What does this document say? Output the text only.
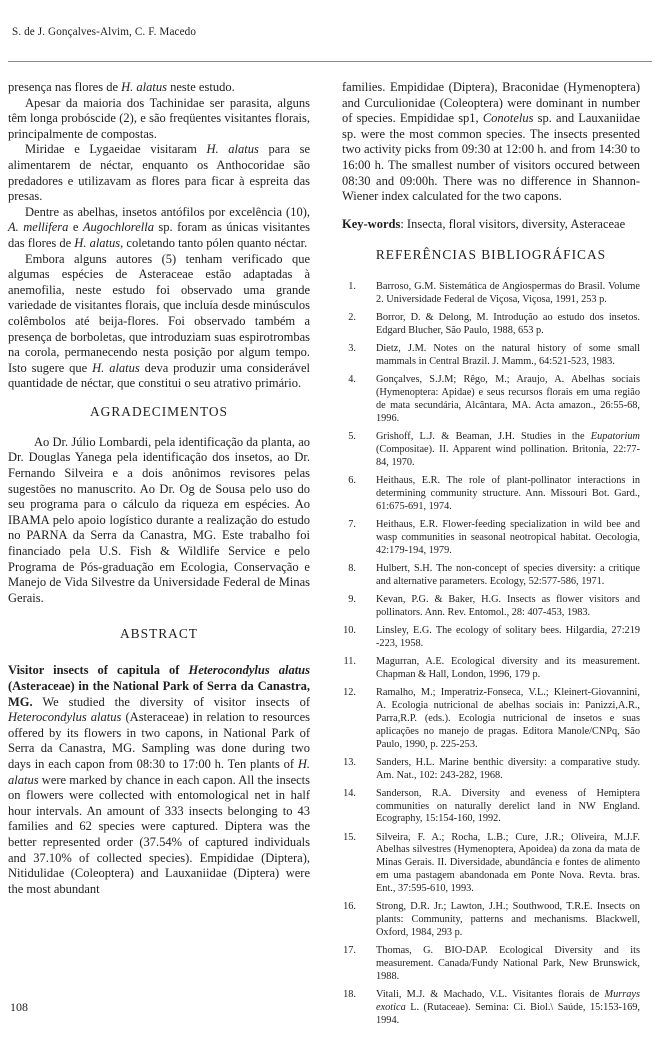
S. de J. Gonçalves-Alvim, C. F. Macedo

presença nas flores de H. alatus neste estudo.

Apesar da maioria dos Tachinidae ser parasita, alguns têm longa probóscide (2), e são freqüentes visitantes florais, principalmente de compostas.

Miridae e Lygaeidae visitaram H. alatus para se alimentarem de néctar, enquanto os Anthocoridae são predadores e utilizavam as flores para ficar à espreita das presas.

Dentre as abelhas, insetos antófilos por excelência (10), A. mellifera e Augochlorella sp. foram as únicas visitantes das flores de H. alatus, coletando tanto pólen quanto néctar.

Embora alguns autores (5) tenham verificado que algumas espécies de Asteraceae estão adaptadas à anemofilia, neste estudo foi observado uma grande variedade de visitantes florais, que incluía desde minúsculos colêmbolos até beija-flores. Foi observado também a presença de borboletas, que introduziam suas espirotrombas na corola, permanecendo nesta posição por algum tempo. Isto sugere que H. alatus deva produzir uma considerável quantidade de néctar, que constitui o seu atrativo primário.

AGRADECIMENTOS

Ao Dr. Júlio Lombardi, pela identificação da planta, ao Dr. Douglas Yanega pela identificação dos insetos, ao Dr. Fernando Silveira e a dois anônimos revisores pelas sugestões no manuscrito. Ao Dr. Og de Sousa pelo uso do seu programa para o cálculo da riqueza em espécies. Ao IBAMA pelo apoio logístico durante a realização do estudo no PARNA da Serra da Canastra, MG. Este trabalho foi financiado pela U.S. Fish & Wildlife Service e pelo Programa de Pós-graduação em Ecologia, Conservação e Manejo de Vida Silvestre da Universidade Federal de Minas Gerais.

ABSTRACT

Visitor insects of capitula of Heterocondylus alatus (Asteraceae) in the National Park of Serra da Canastra, MG. We studied the diversity of visitor insects of Heterocondylus alatus (Asteraceae) in relation to resources offered by its flowers in two capons, in National Park of Serra da Canastra, MG. Sampling was done during two days in each capon from 08:30 to 17:00 h. Ten plants of H. alatus were marked by chance in each capon. All the insects on flowers were collected with entomological net in half hour intervals. An amount of 333 insects belonging to 43 families and 62 species were captured. Diptera was the better represented order (37.54% of captured individuals and 37.10% of collected species). Empididae (Diptera), Nitidulidae (Coleoptera) and Lauxaniidae (Diptera) were the most abundant

families. Empididae (Diptera), Braconidae (Hymenoptera) and Curculionidae (Coleoptera) were dominant in number of species. Empididae sp1, Conotelus sp. and Lauxaniidae sp. were the most common species. The insects presented two activity picks from 09:30 at 12:00 h. and from 14:30 to 16:00 h. The smallest number of visitors occured between 08:30 and 09:00h. There was no difference in Shannon-Wiener index calculated for the two capons.

Key-words: Insecta, floral visitors, diversity, Asteraceae

REFERÊNCIAS BIBLIOGRÁFICAS
1. Barroso, G.M. Sistemática de Angiospermas do Brasil. Volume 2. Universidade Federal de Viçosa, Viçosa, 1991, 253 p.
2. Borror, D. & Delong, M. Introdução ao estudo dos insetos. Edgard Blucher, São Paulo, 1988, 653 p.
3. Dietz, J.M. Notes on the natural history of some small mammals in Central Brazil. J. Mamm., 64:521-523, 1983.
4. Gonçalves, S.J.M; Rêgo, M.; Araujo, A. Abelhas sociais (Hymenoptera: Apidae) e seus recursos florais em uma região de mata secundária, Alcântara, MA. Acta amazon., 26:55-68, 1996.
5. Grishoff, L.J. & Beaman, J.H. Studies in the Eupatorium (Compositae). II. Apparent wind pollination. Britonia, 22:77-84, 1970.
6. Heithaus, E.R. The role of plant-pollinator interactions in determining community structure. Ann. Missouri Bot. Gard., 61:675-691, 1974.
7. Heithaus, E.R. Flower-feeding specialization in wild bee and wasp communities in seasonal neotropical habitat. Oecologia, 42:179-194, 1979.
8. Hulbert, S.H. The non-concept of species diversity: a critique and alternative parameters. Ecology, 52:577-586, 1971.
9. Kevan, P.G. & Baker, H.G. Insects as flower visitors and pollinators. Ann. Rev. Entomol., 28: 407-453, 1983.
10. Linsley, E.G. The ecology of solitary bees. Hilgardia, 27:219 -223, 1958.
11. Magurran, A.E. Ecological diversity and its measurement. Chapman & Hall, London, 1996, 179 p.
12. Ramalho, M.; Imperatriz-Fonseca, V.L.; Kleinert-Giovannini, A. Ecologia nutricional de abelhas sociais in: Panizzi,A.R., Parra,R.P. (eds.). Ecologia nutricional de insetos e suas aplicações no manejo de pragas. Editora Manole/CNPq, São Paulo, 1990, p. 225-253.
13. Sanders, H.L. Marine benthic diversity: a comparative study. Am. Nat., 102: 243-282, 1968.
14. Sanderson, R.A. Diversity and eveness of Hemiptera communities on naturally derelict land in NW England. Ecography, 15:154-160, 1992.
15. Silveira, F. A.; Rocha, L.B.; Cure, J.R.; Oliveira, M.J.F. Abelhas silvestres (Hymenoptera, Apoidea) da zona da mata de Minas Gerais. II. Diversidade, abundância e fontes de alimento em uma pastagem abandonada em Ponte Nova. Revta. bras. Ent., 37:595-610, 1993.
16. Strong, D.R. Jr.; Lawton, J.H.; Southwood, T.R.E. Insects on plants: Community, patterns and mechanisms. Blackwell, Oxford, 1984, 293 p.
17. Thomas, G. BIO-DAP. Ecological Diversity and its measurement. Canada/Fundy National Park, New Brunswick, 1988.
18. Vitali, M.J. & Machado, V.L. Visitantes florais de Murrays exotica L. (Rutaceae). Semina: Ci. Biol.\ Saúde, 15:153-169, 1994.
108
